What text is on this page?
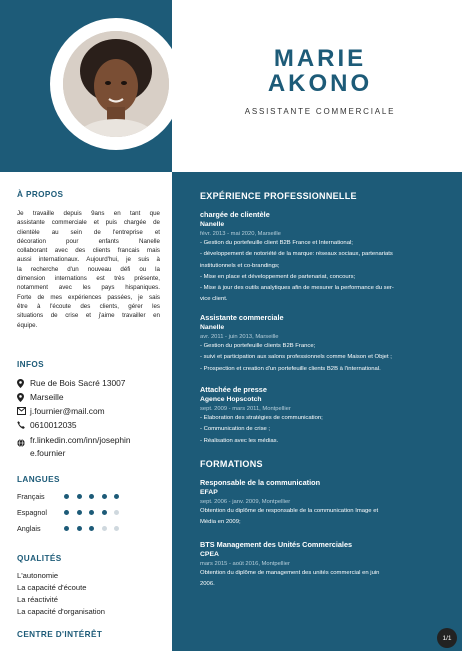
MARIE
AKONO
ASSISTANTE COMMERCIALE
À PROPOS
Je travaille depuis 9ans en tant que
assistante commerciale et puis chargée de
clientèle au sein de l'entreprise et
décoration pour enfants Nanelle
collaborant avec des clients francais mais
aussi internationaux. Aujourd'hui, je suis à
la recherche d'un nouveau défi ou la
dimension internations est très présente,
notamment avec les pays hispaniques.
Forte de mes expériences passées, je sais
être à l'écoute des clients, gérer les
situations de crise et j'aime travailler en
équipe.
INFOS
Rue de Bois Sacré 13007
Marseille
j.fournier@mail.com
0610012035
fr.linkedin.com/inn/josephin
e.fournier
LANGUES
Français
Espagnol
Anglais
QUALITÉS
L'autonomie
La capacité d'écoute
La réactivité
La capacité d'organisation
CENTRE D'INTÉRÊT
EXPÉRIENCE PROFESSIONNELLE
chargée de clientèle
Nanelle
févr. 2013 - mai 2020, Marseille
- Gestion du portefeuille client B2B France et International;
- développement de notoriété de la marque: réseaux sociaux, partenariats
institutionnels et co-brandings;
- Mise en place et développement de partenariat, concours;
- Mise à jour des outils analytiques afin de mesurer la performance du ser-
vice client.
Assistante commerciale
Nanelle
avr. 2011 - juin 2013, Marseille
- Gestion du portefeuille clients B2B France;
- suivi et participation aux salons professionnels comme Maison et Objet ;
- Prospection et creation d'un portefeuille clients B2B à l'international.
Attachée de presse
Agence Hopscotch
sept. 2009 - mars 2011, Montpellier
- Elaboration des stratégies de communication;
- Communication de crise ;
- Réalisation avec les médias.
FORMATIONS
Responsable de la communication
EFAP
sept. 2006 - janv. 2009, Montpellier
Obtention du diplôme de responsable de la communication Image et
Média en 2009;
BTS Management des Unités Commerciales
CPEA
mars 2015 - août 2016, Montpellier
Obtention du diplôme de management des unités commercial en juin
2006.
1/1
